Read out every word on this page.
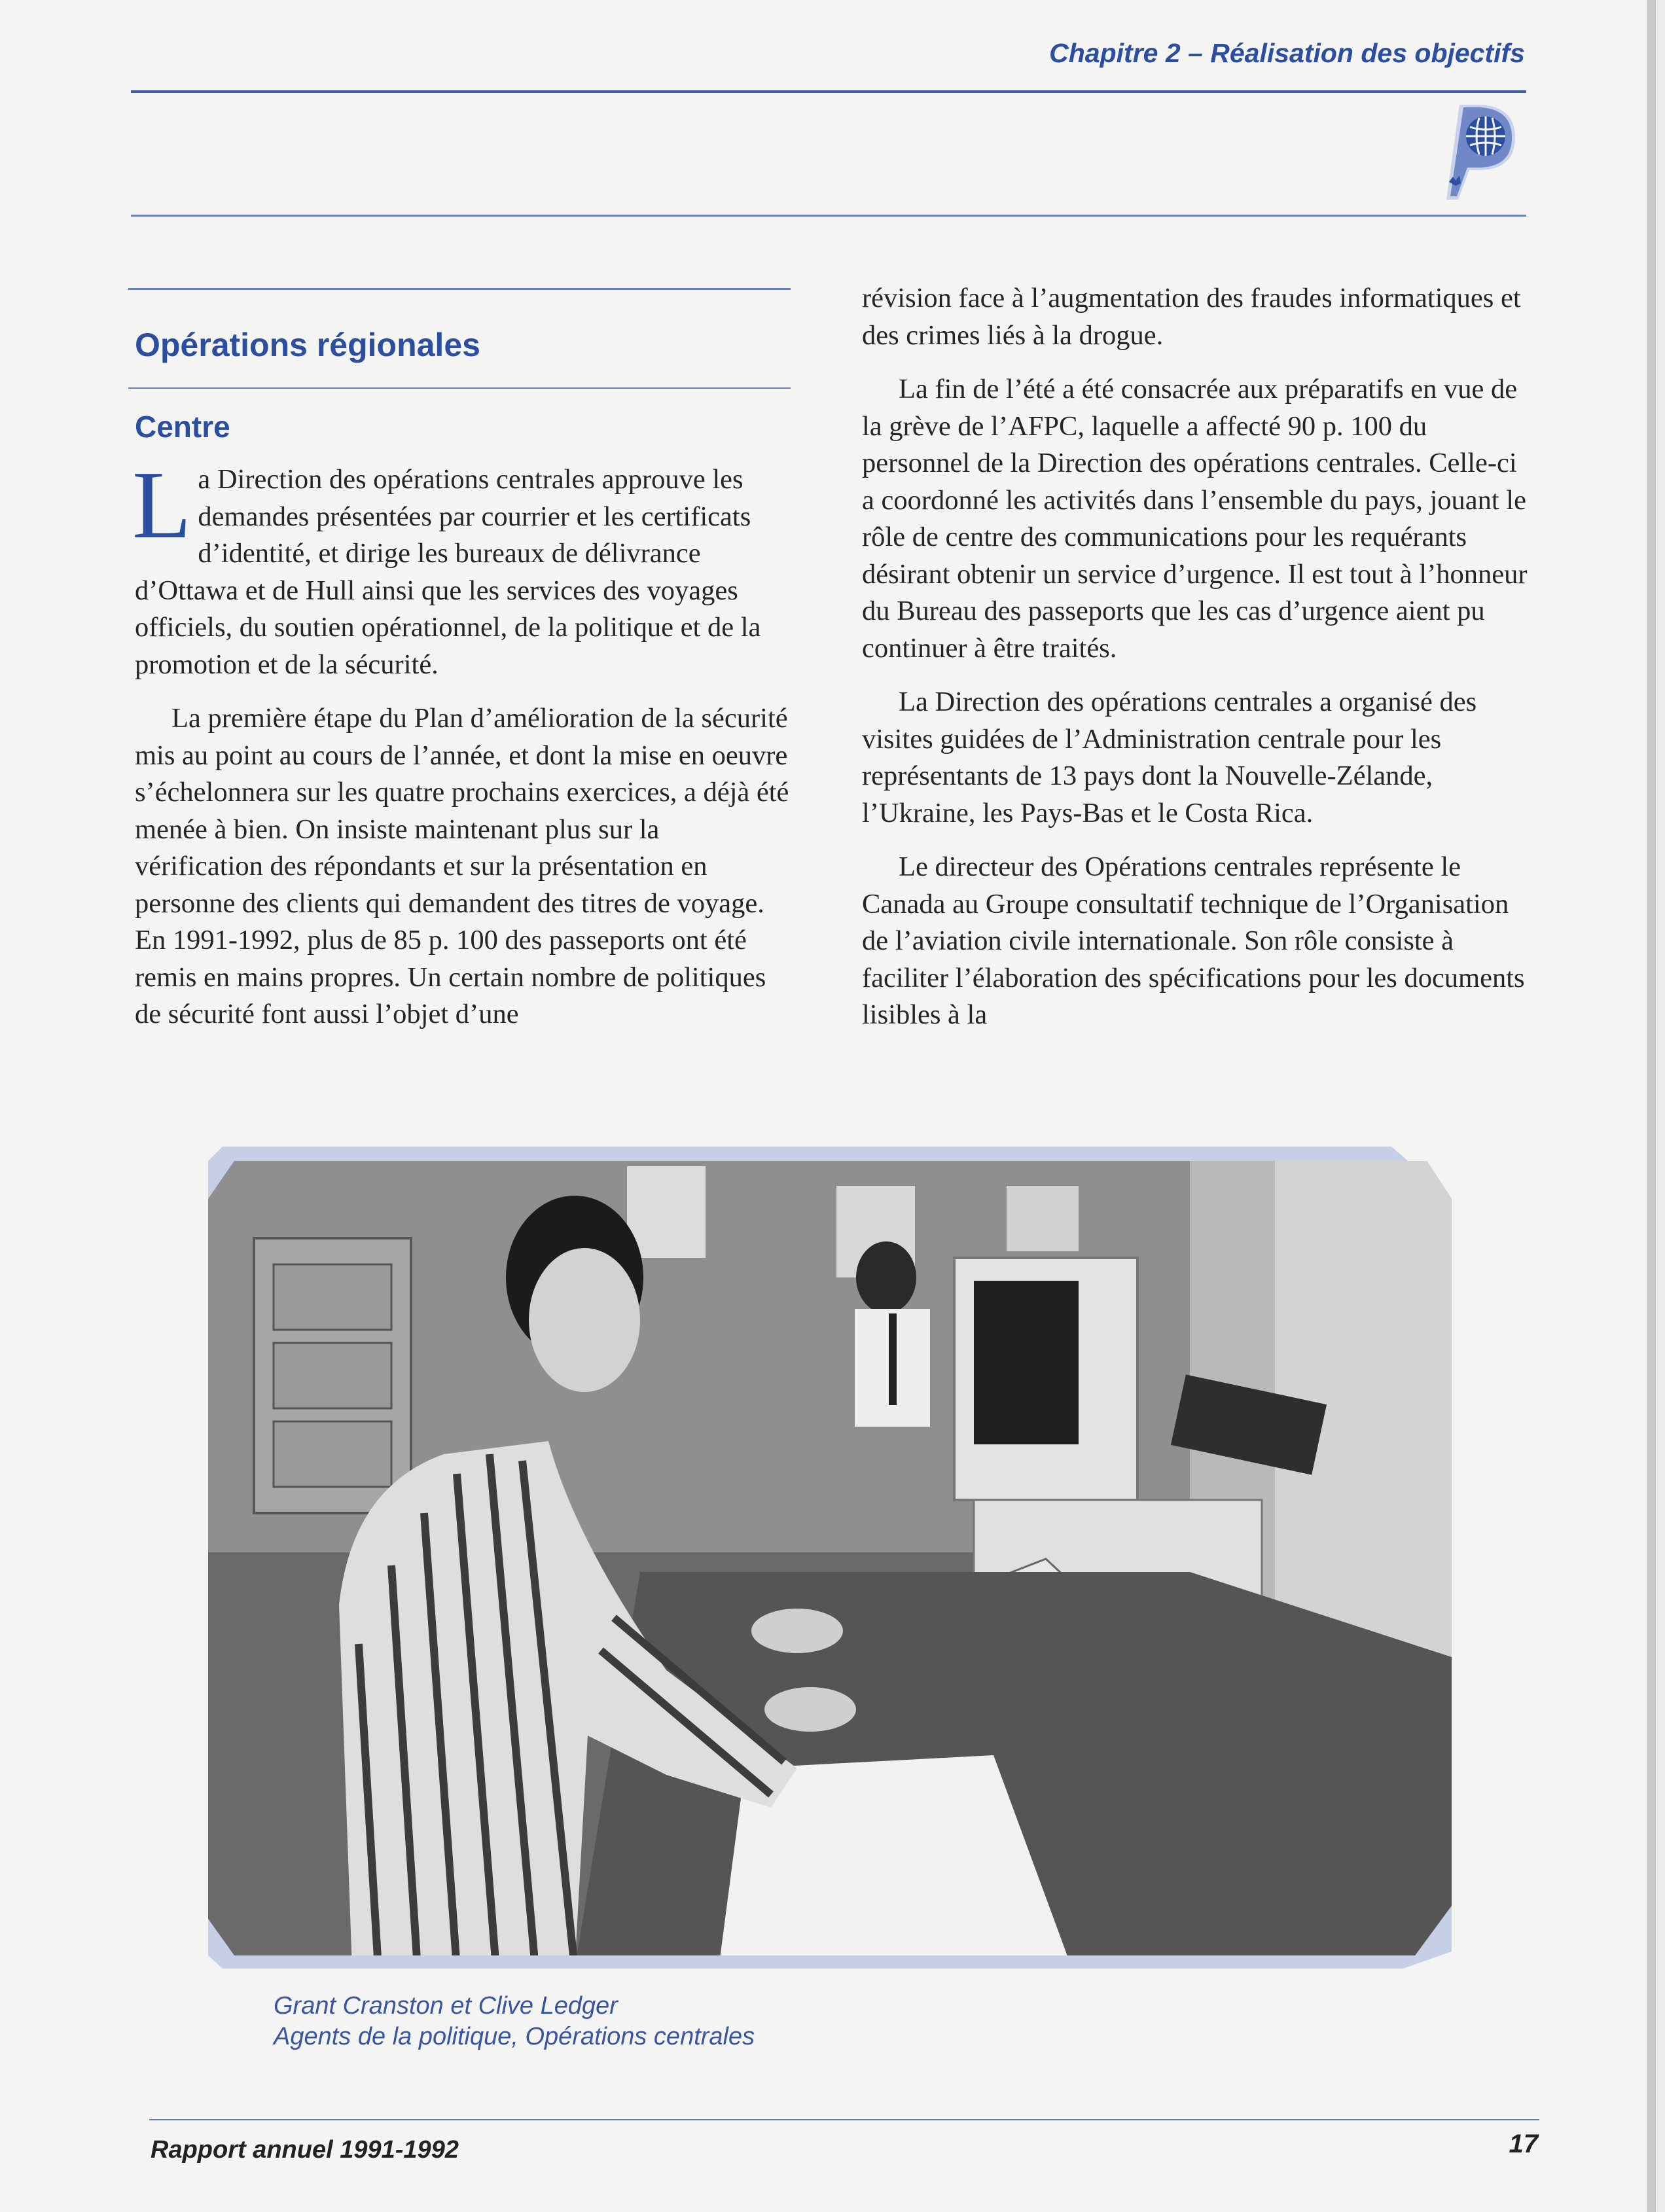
Chapitre 2 – Réalisation des objectifs
Opérations régionales
Centre

La Direction des opérations centrales approuve les demandes présentées par courrier et les certificats d’identité, et dirige les bureaux de délivrance d’Ottawa et de Hull ainsi que les services des voyages officiels, du soutien opérationnel, de la politique et de la promotion et de la sécurité.

La première étape du Plan d’amélioration de la sécurité mis au point au cours de l’année, et dont la mise en oeuvre s’échelonnera sur les quatre prochains exercices, a déjà été menée à bien. On insiste maintenant plus sur la vérification des répondants et sur la présentation en personne des clients qui demandent des titres de voyage. En 1991-1992, plus de 85 p. 100 des passeports ont été remis en mains propres. Un certain nombre de politiques de sécurité font aussi l’objet d’une

révision face à l’augmentation des fraudes informatiques et des crimes liés à la drogue.

La fin de l’été a été consacrée aux préparatifs en vue de la grève de l’AFPC, laquelle a affecté 90 p. 100 du personnel de la Direction des opérations centrales. Celle-ci a coordonné les activités dans l’ensemble du pays, jouant le rôle de centre des communications pour les requérants désirant obtenir un service d’urgence. Il est tout à l’honneur du Bureau des passeports que les cas d’urgence aient pu continuer à être traités.

La Direction des opérations centrales a organisé des visites guidées de l’Administration centrale pour les représentants de 13 pays dont la Nouvelle-Zélande, l’Ukraine, les Pays-Bas et le Costa Rica.

Le directeur des Opérations centrales représente le Canada au Groupe consultatif technique de l’Organisation de l’aviation civile internationale. Son rôle consiste à faciliter l’élaboration des spécifications pour les documents lisibles à la

Grant Cranston et Clive Ledger
Agents de la politique, Opérations centrales
Rapport annuel 1991-1992	17
